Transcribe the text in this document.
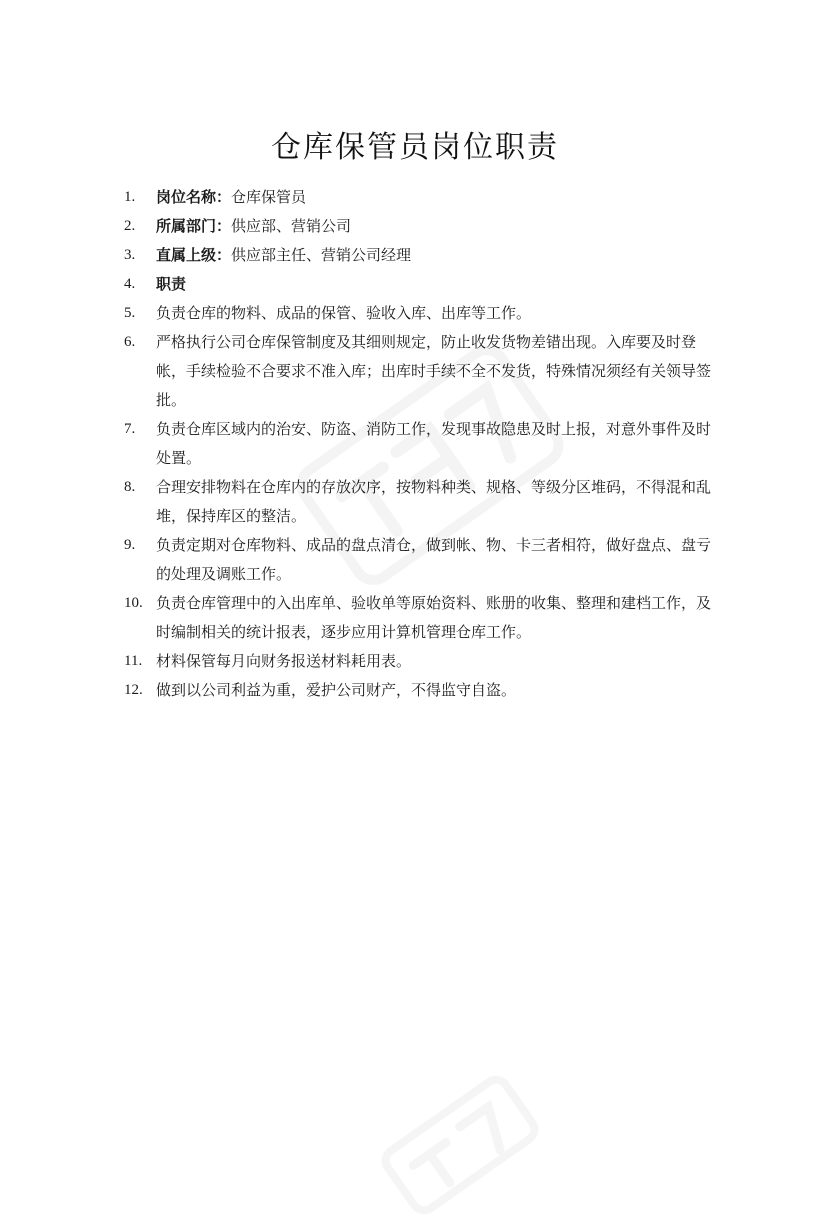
仓库保管员岗位职责
1.	岗位名称：仓库保管员
2.	所属部门：供应部、营销公司
3.	直属上级：供应部主任、营销公司经理
4.	职责
5.	负责仓库的物料、成品的保管、验收入库、出库等工作。
6.	严格执行公司仓库保管制度及其细则规定，防止收发货物差错出现。入库要及时登帐，手续检验不合要求不准入库；出库时手续不全不发货，特殊情况须经有关领导签批。
7.	负责仓库区域内的治安、防盗、消防工作，发现事故隐患及时上报，对意外事件及时处置。
8.	合理安排物料在仓库内的存放次序，按物料种类、规格、等级分区堆码，不得混和乱堆，保持库区的整洁。
9.	负责定期对仓库物料、成品的盘点清仓，做到帐、物、卡三者相符，做好盘点、盘亏的处理及调账工作。
10. 负责仓库管理中的入出库单、验收单等原始资料、账册的收集、整理和建档工作，及时编制相关的统计报表，逐步应用计算机管理仓库工作。
11. 材料保管每月向财务报送材料耗用表。
12. 做到以公司利益为重，爱护公司财产，不得监守自盗。
